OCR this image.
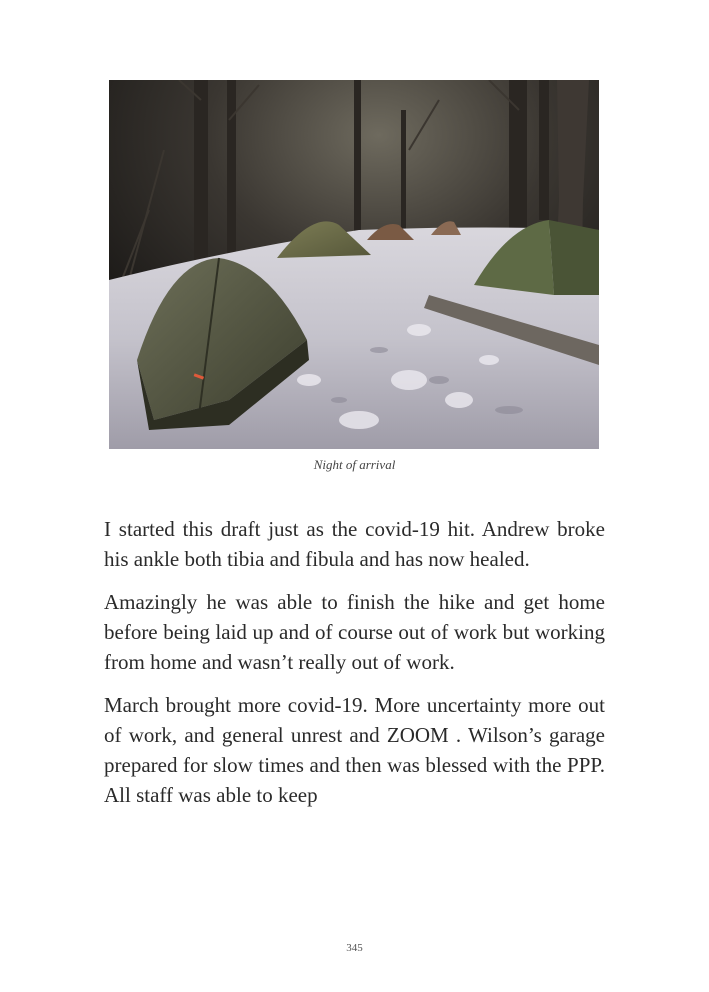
Night of arrival

I started this draft just as the covid-19 hit. Andrew broke his ankle both tibia and fibula and has now healed.

Amazingly he was able to finish the hike and get home before being laid up and of course out of work but working from home and wasn’t really out of work.

March brought more covid-19. More uncertainty more out of work, and general unrest and ZOOM . Wilson’s garage prepared for slow times and then was blessed with the PPP. All staff was able to keep

345
